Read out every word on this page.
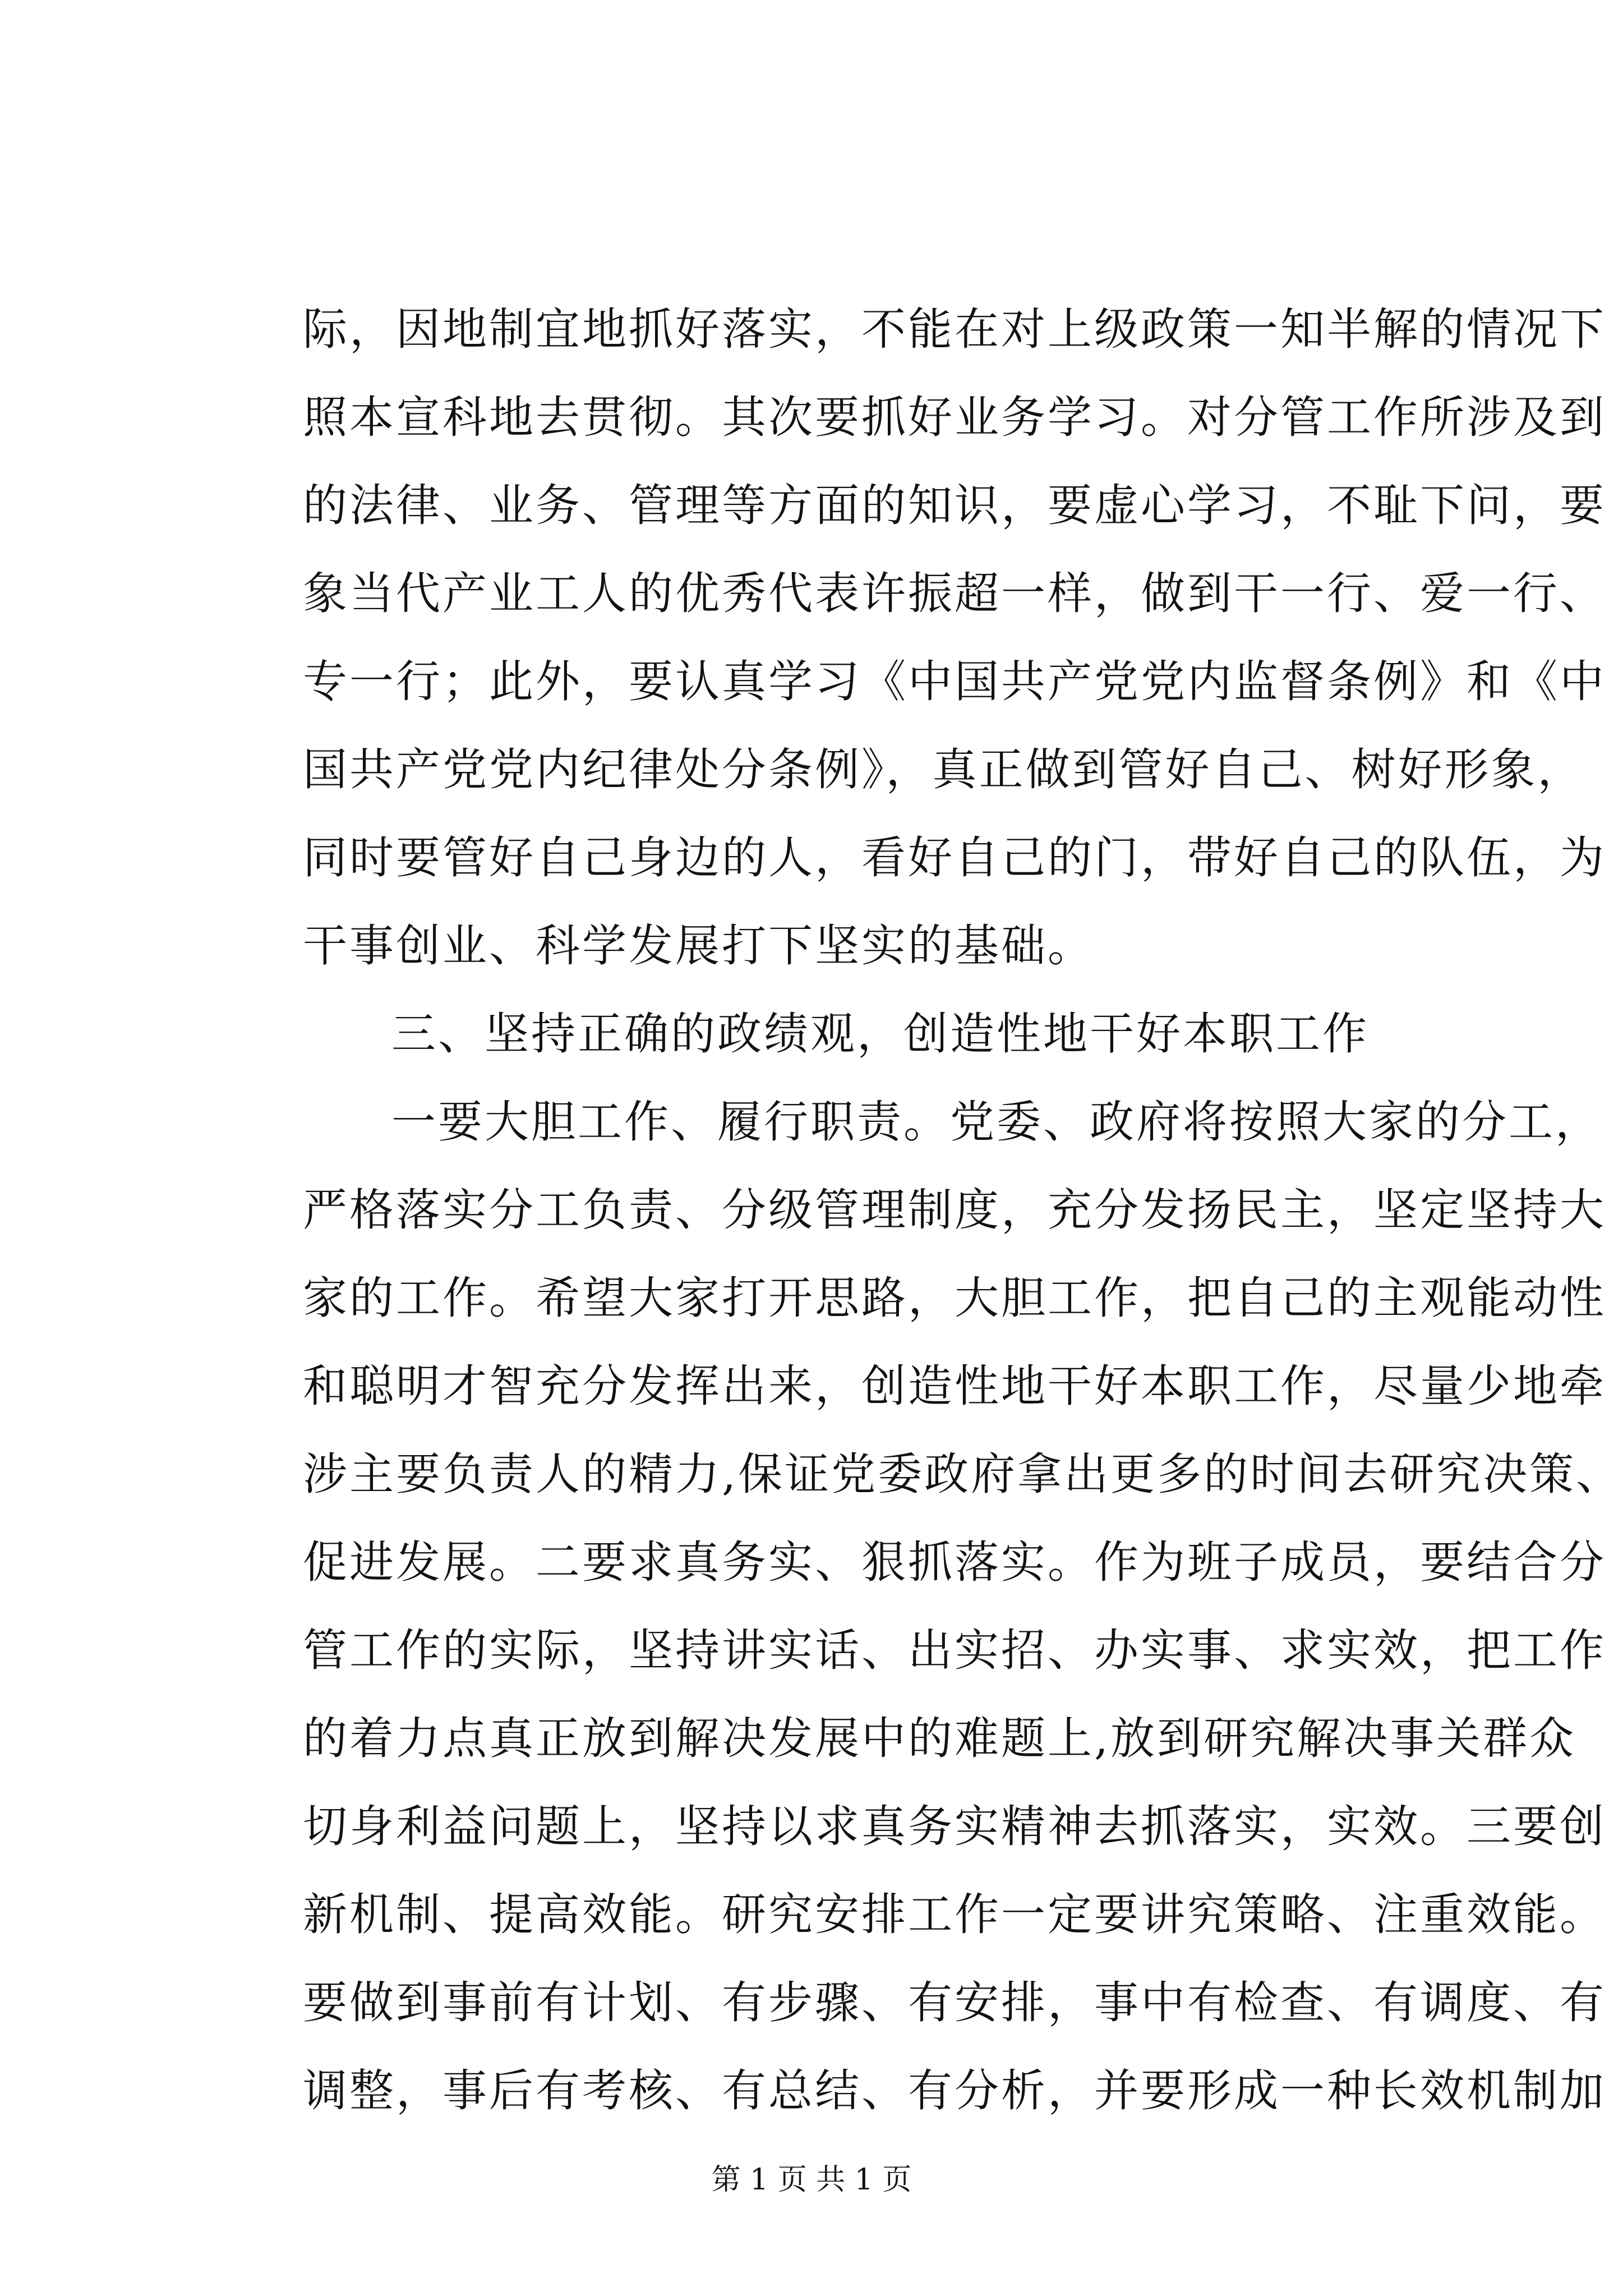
际，因地制宜地抓好落实，不能在对上级政策一知半解的情况下
照本宣科地去贯彻。其次要抓好业务学习。对分管工作所涉及到
的法律、业务、管理等方面的知识，要虚心学习，不耻下问，要
象当代产业工人的优秀代表许振超一样，做到干一行、爱一行、
专一行；此外，要认真学习《中国共产党党内监督条例》和《中
国共产党党内纪律处分条例》，真正做到管好自己、树好形象，
同时要管好自己身边的人，看好自己的门，带好自己的队伍，为
干事创业、科学发展打下坚实的基础。
三、坚持正确的政绩观，创造性地干好本职工作
一要大胆工作、履行职责。党委、政府将按照大家的分工，
严格落实分工负责、分级管理制度，充分发扬民主，坚定坚持大
家的工作。希望大家打开思路，大胆工作，把自己的主观能动性
和聪明才智充分发挥出来，创造性地干好本职工作，尽量少地牵
涉主要负责人的精力,保证党委政府拿出更多的时间去研究决策、
促进发展。二要求真务实、狠抓落实。作为班子成员，要结合分
管工作的实际，坚持讲实话、出实招、办实事、求实效，把工作
的着力点真正放到解决发展中的难题上,放到研究解决事关群众
切身利益问题上，坚持以求真务实精神去抓落实，实效。三要创
新机制、提高效能。研究安排工作一定要讲究策略、注重效能。
要做到事前有计划、有步骤、有安排，事中有检查、有调度、有
调整，事后有考核、有总结、有分析，并要形成一种长效机制加
第 1 页 共 1 页
